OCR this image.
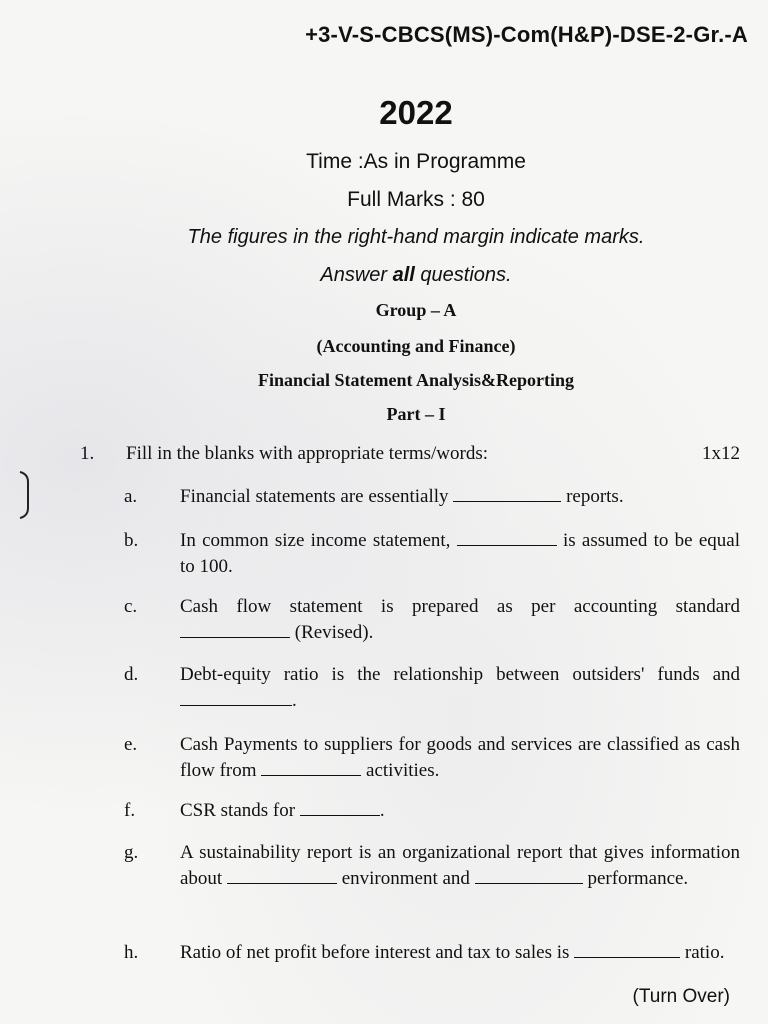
+3-V-S-CBCS(MS)-Com(H&P)-DSE-2-Gr.-A
2022
Time :As in Programme
Full Marks : 80
The figures in the right-hand margin indicate marks.
Answer all questions.
Group – A
(Accounting and Finance)
Financial Statement Analysis&Reporting
Part – I
1. Fill in the blanks with appropriate terms/words:	1x12
a.	Financial statements are essentially	reports.
b.	In common size income statement,	is assumed to be equal to 100.
c.	Cash flow statement is prepared as per accounting standard  (Revised).
d.	Debt-equity ratio is the relationship between outsiders' funds and .
e.	Cash Payments to suppliers for goods and services are classified as cash flow from	activities.
f.	CSR stands for	.
g.	A sustainability report is an organizational report that gives information about	environment and	performance.
h.	Ratio of net profit before interest and tax to sales is	ratio.
(Turn Over)
